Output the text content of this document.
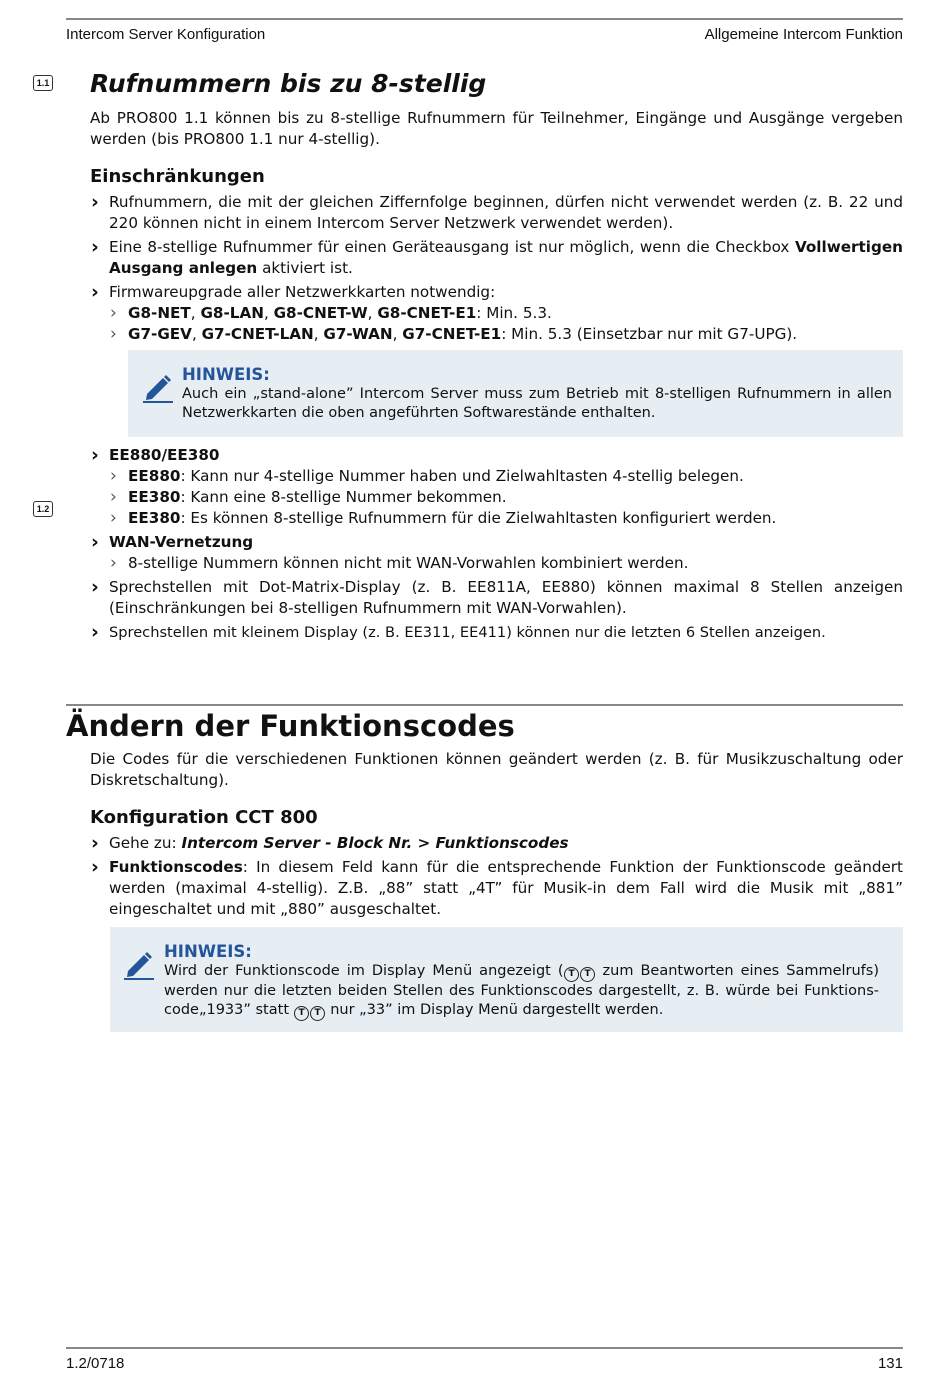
Intercom Server Konfiguration	Allgemeine Intercom Funktion
1.1
1.2
Rufnummern bis zu 8-stellig

Ab PRO800 1.1 können bis zu 8-stellige Rufnummern für Teilnehmer, Eingänge und Ausgänge vergeben werden (bis PRO800 1.1 nur 4-stellig).

Einschränkungen
› Rufnummern, die mit der gleichen Ziffernfolge beginnen, dürfen nicht verwendet werden (z. B. 22 und 220 können nicht in einem Intercom Server Netzwerk verwendet werden).
› Eine 8-stellige Rufnummer für einen Geräteausgang ist nur möglich, wenn die Checkbox Vollwertigen Ausgang anlegen aktiviert ist.
› Firmwareupgrade aller Netzwerkkarten notwendig:
› G8-NET, G8-LAN, G8-CNET-W, G8-CNET-E1: Min. 5.3.
› G7-GEV, G7-CNET-LAN, G7-WAN, G7-CNET-E1: Min. 5.3 (Einsetzbar nur mit G7-UPG).
HINWEIS:
Auch ein „stand-alone” Intercom Server muss zum Betrieb mit 8-stelligen Rufnummern in allen Netzwerkkarten die oben angeführten Softwarestände enthalten.
› EE880/EE380
› EE880: Kann nur 4-stellige Nummer haben und Zielwahltasten 4-stellig belegen.
› EE380: Kann eine 8-stellige Nummer bekommen.
› EE380: Es können 8-stellige Rufnummern für die Zielwahltasten konfiguriert werden.
› WAN-Vernetzung
› 8-stellige Nummern können nicht mit WAN-Vorwahlen kombiniert werden.
› Sprechstellen mit Dot-Matrix-Display (z. B. EE811A, EE880) können maximal 8 Stellen anzeigen (Einschränkungen bei 8-stelligen Rufnummern mit WAN-Vorwahlen).
› Sprechstellen mit kleinem Display (z. B. EE311, EE411) können nur die letzten 6 Stellen anzeigen.
Ändern der Funktionscodes

Die Codes für die verschiedenen Funktionen können geändert werden (z. B. für Musikzuschaltung oder Diskretschaltung).

Konfiguration CCT 800
› Gehe zu: Intercom Server - Block Nr. > Funktionscodes
› Funktionscodes: In diesem Feld kann für die entsprechende Funktion der Funktionscode geändert werden (maximal 4-stellig). Z.B. „88” statt „4T” für Musik-in dem Fall wird die Musik mit „881” eingeschaltet und mit „880” ausgeschaltet.
HINWEIS:
Wird der Funktionscode im Display Menü angezeigt ( T T zum Beantworten eines Sammelrufs) werden nur die letzten beiden Stellen des Funktionscodes dargestellt, z. B. würde bei Funktionscode„1933” statt T T nur „33” im Display Menü dargestellt werden.
1.2/0718	131
